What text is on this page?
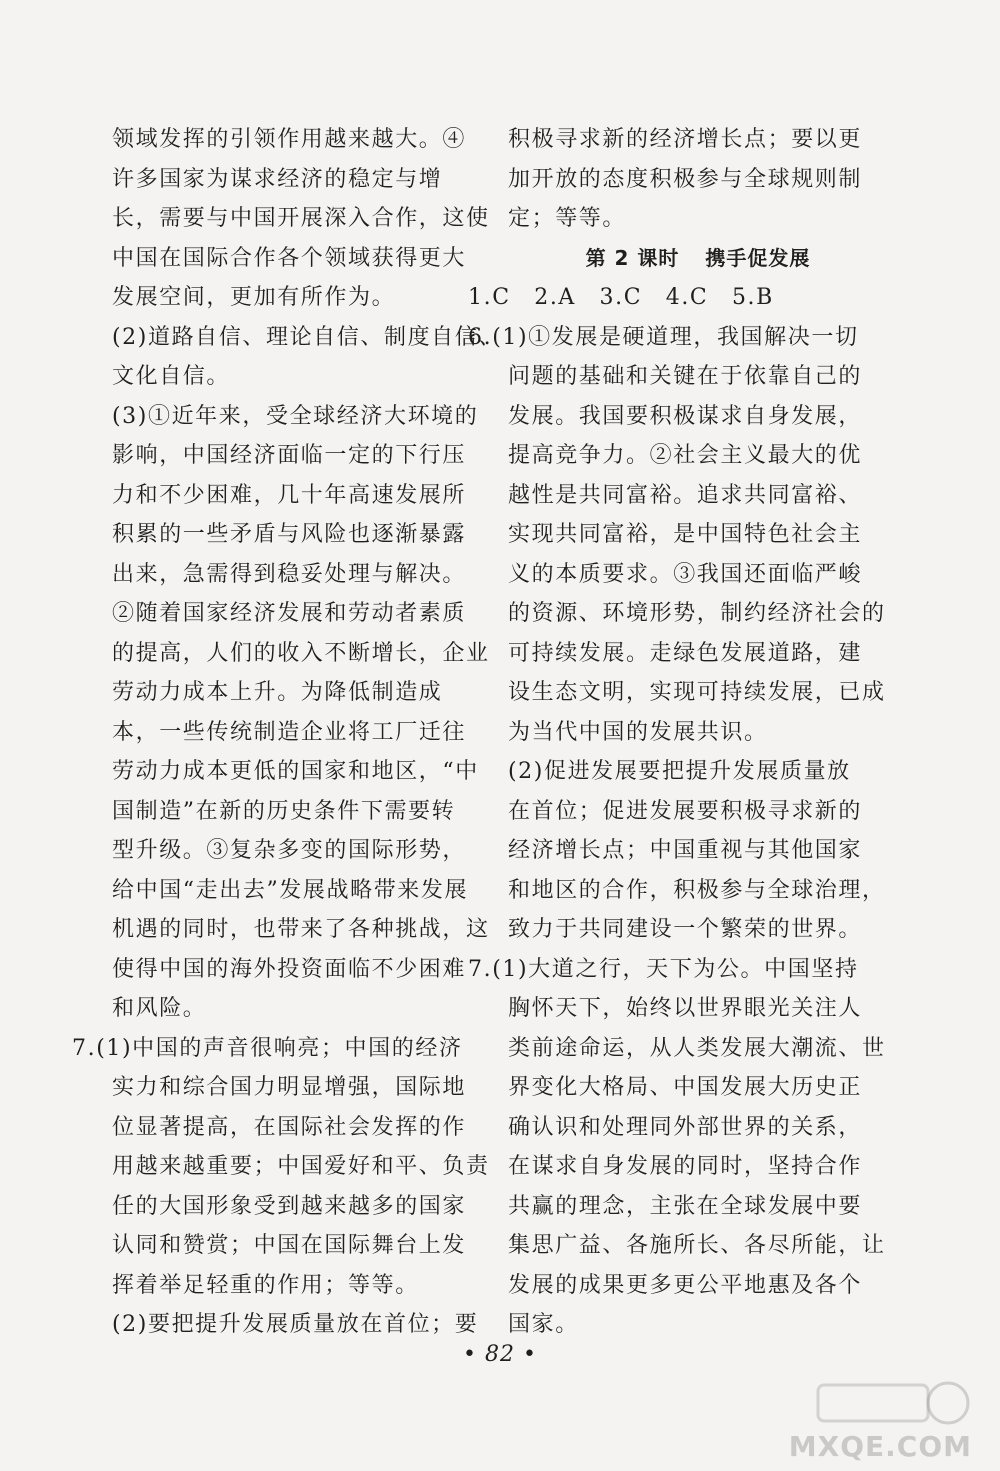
领域发挥的引领作用越来越大。④
许多国家为谋求经济的稳定与增
长，需要与中国开展深入合作，这使
中国在国际合作各个领域获得更大
发展空间，更加有所作为。
(2)道路自信、理论自信、制度自信、
文化自信。
(3)①近年来，受全球经济大环境的
影响，中国经济面临一定的下行压
力和不少困难，几十年高速发展所
积累的一些矛盾与风险也逐渐暴露
出来，急需得到稳妥处理与解决。
②随着国家经济发展和劳动者素质
的提高，人们的收入不断增长，企业
劳动力成本上升。为降低制造成
本，一些传统制造企业将工厂迁往
劳动力成本更低的国家和地区，“中
国制造”在新的历史条件下需要转
型升级。③复杂多变的国际形势，
给中国“走出去”发展战略带来发展
机遇的同时，也带来了各种挑战，这
使得中国的海外投资面临不少困难
和风险。
7.(1)中国的声音很响亮；中国的经济
实力和综合国力明显增强，国际地
位显著提高，在国际社会发挥的作
用越来越重要；中国爱好和平、负责
任的大国形象受到越来越多的国家
认同和赞赏；中国在国际舞台上发
挥着举足轻重的作用；等等。
(2)要把提升发展质量放在首位；要
积极寻求新的经济增长点；要以更
加开放的态度积极参与全球规则制
定；等等。
第 2 课时 携手促发展
1.C　2.A　3.C　4.C　5.B
6.(1)①发展是硬道理，我国解决一切
问题的基础和关键在于依靠自己的
发展。我国要积极谋求自身发展，
提高竞争力。②社会主义最大的优
越性是共同富裕。追求共同富裕、
实现共同富裕，是中国特色社会主
义的本质要求。③我国还面临严峻
的资源、环境形势，制约经济社会的
可持续发展。走绿色发展道路，建
设生态文明，实现可持续发展，已成
为当代中国的发展共识。
(2)促进发展要把提升发展质量放
在首位；促进发展要积极寻求新的
经济增长点；中国重视与其他国家
和地区的合作，积极参与全球治理，
致力于共同建设一个繁荣的世界。
7.(1)大道之行，天下为公。中国坚持
胸怀天下，始终以世界眼光关注人
类前途命运，从人类发展大潮流、世
界变化大格局、中国发展大历史正
确认识和处理同外部世界的关系，
在谋求自身发展的同时，坚持合作
共赢的理念，主张在全球发展中要
集思广益、各施所长、各尽所能，让
发展的成果更多更公平地惠及各个
国家。
• 82 •
MXQE.COM
